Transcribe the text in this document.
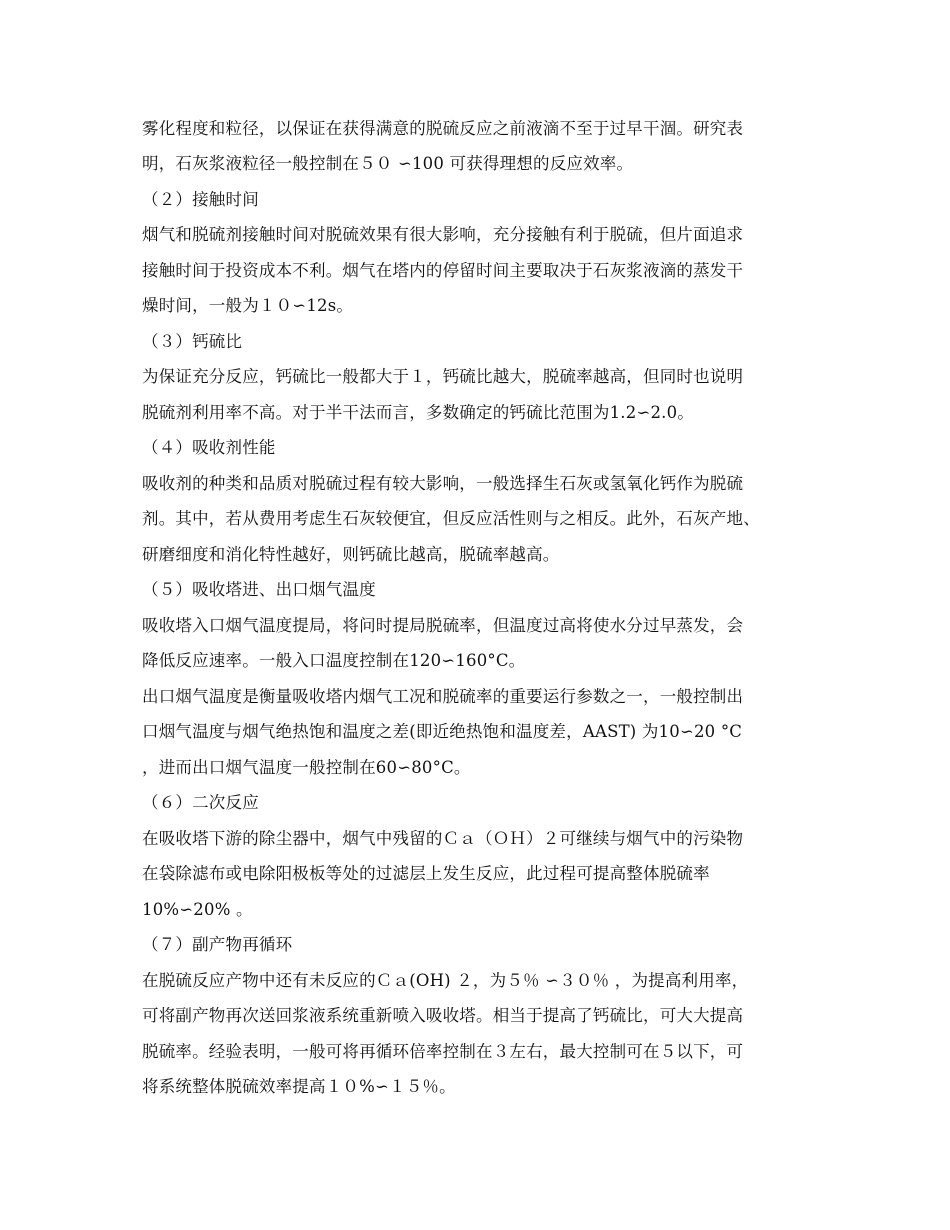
雾化程度和粒径，以保证在获得满意的脱硫反应之前液滴不至于过早干涸。研究表
明，石灰浆液粒径一般控制在５０ ∽100 可获得理想的反应效率。
（２）接触时间
烟气和脱硫剂接触时间对脱硫效果有很大影响，充分接触有利于脱硫，但片面追求
接触时间于投资成本不利。烟气在塔内的停留时间主要取决于石灰浆液滴的蒸发干
燥时间，一般为１０∽12s。
（３）钙硫比
为保证充分反应，钙硫比一般都大于１，钙硫比越大，脱硫率越高，但同时也说明
脱硫剂利用率不高。对于半干法而言，多数确定的钙硫比范围为1.2∽2.0。
（４）吸收剂性能
吸收剂的种类和品质对脱硫过程有较大影响，一般选择生石灰或氢氧化钙作为脱硫
剂。其中，若从费用考虑生石灰较便宜，但反应活性则与之相反。此外，石灰产地、
研磨细度和消化特性越好，则钙硫比越高，脱硫率越高。
（５）吸收塔进、出口烟气温度
吸收塔入口烟气温度提局，将问时提局脱硫率，但温度过高将使水分过早蒸发，会
降低反应速率。一般入口温度控制在120∽160°C。
出口烟气温度是衡量吸收塔内烟气工况和脱硫率的重要运行参数之一，一般控制出
口烟气温度与烟气绝热饱和温度之差(即近绝热饱和温度差，AAST) 为10∽20 °C
，进而出口烟气温度一般控制在60∽80°C。
（６）二次反应
在吸收塔下游的除尘器中，烟气中残留的Ｃａ（ＯＨ）２可继续与烟气中的污染物
在袋除滤布或电除阳极板等处的过滤层上发生反应，此过程可提高整体脱硫率
10%∽20% 。
（７）副产物再循环
在脱硫反应产物中还有未反应的Ｃａ(OH) ２，为５％ ∽３０％ ，为提高利用率，
可将副产物再次送回浆液系统重新喷入吸收塔。相当于提高了钙硫比，可大大提高
脱硫率。经验表明，一般可将再循环倍率控制在３左右，最大控制可在５以下，可
将系统整体脱硫效率提高１０%∽１５％。
